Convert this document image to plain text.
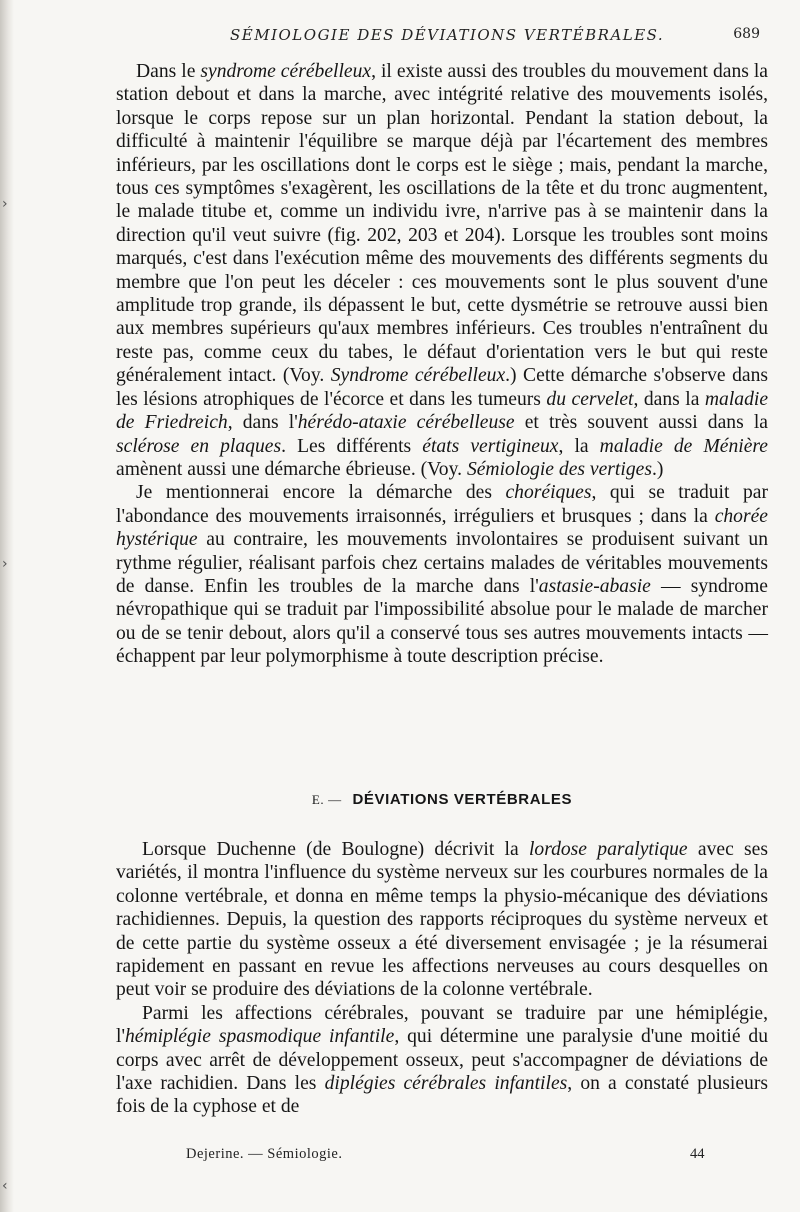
SÉMIOLOGIE DES DÉVIATIONS VERTÉBRALES.	689

Dans le syndrome cérébelleux, il existe aussi des troubles du mouvement dans la station debout et dans la marche, avec intégrité relative des mouvements isolés, lorsque le corps repose sur un plan horizontal. Pendant la station debout, la difficulté à maintenir l'équilibre se marque déjà par l'écartement des membres inférieurs, par les oscillations dont le corps est le siège ; mais, pendant la marche, tous ces symptômes s'exagèrent, les oscillations de la tête et du tronc augmentent, le malade titube et, comme un individu ivre, n'arrive pas à se maintenir dans la direction qu'il veut suivre (fig. 202, 203 et 204). Lorsque les troubles sont moins marqués, c'est dans l'exécution même des mouvements des différents segments du membre que l'on peut les déceler : ces mouvements sont le plus souvent d'une amplitude trop grande, ils dépassent le but, cette dysmétrie se retrouve aussi bien aux membres supérieurs qu'aux membres inférieurs. Ces troubles n'entraînent du reste pas, comme ceux du tabes, le défaut d'orientation vers le but qui reste généralement intact. (Voy. Syndrome cérébelleux.) Cette démarche s'observe dans les lésions atrophiques de l'écorce et dans les tumeurs du cervelet, dans la maladie de Friedreich, dans l'hérédo-ataxie cérébelleuse et très souvent aussi dans la sclérose en plaques. Les différents états vertigineux, la maladie de Ménière amènent aussi une démarche ébrieuse. (Voy. Sémiologie des vertiges.)

Je mentionnerai encore la démarche des choréiques, qui se traduit par l'abondance des mouvements irraisonnés, irréguliers et brusques ; dans la chorée hystérique au contraire, les mouvements involontaires se produisent suivant un rythme régulier, réalisant parfois chez certains malades de véritables mouvements de danse. Enfin les troubles de la marche dans l'astasie-abasie — syndrome névropathique qui se traduit par l'impossibilité absolue pour le malade de marcher ou de se tenir debout, alors qu'il a conservé tous ses autres mouvements intacts — échappent par leur polymorphisme à toute description précise.

E. — DÉVIATIONS VERTÉBRALES

Lorsque Duchenne (de Boulogne) décrivit la lordose paralytique avec ses variétés, il montra l'influence du système nerveux sur les courbures normales de la colonne vertébrale, et donna en même temps la physio-mécanique des déviations rachidiennes. Depuis, la question des rapports réciproques du système nerveux et de cette partie du système osseux a été diversement envisagée ; je la résumerai rapidement en passant en revue les affections nerveuses au cours desquelles on peut voir se produire des déviations de la colonne vertébrale.

Parmi les affections cérébrales, pouvant se traduire par une hémiplégie, l'hémiplégie spasmodique infantile, qui détermine une paralysie d'une moitié du corps avec arrêt de développement osseux, peut s'accompagner de déviations de l'axe rachidien. Dans les diplégies cérébrales infantiles, on a constaté plusieurs fois de la cyphose et de

Dejerine. — Sémiologie.	44
›
›
‹
